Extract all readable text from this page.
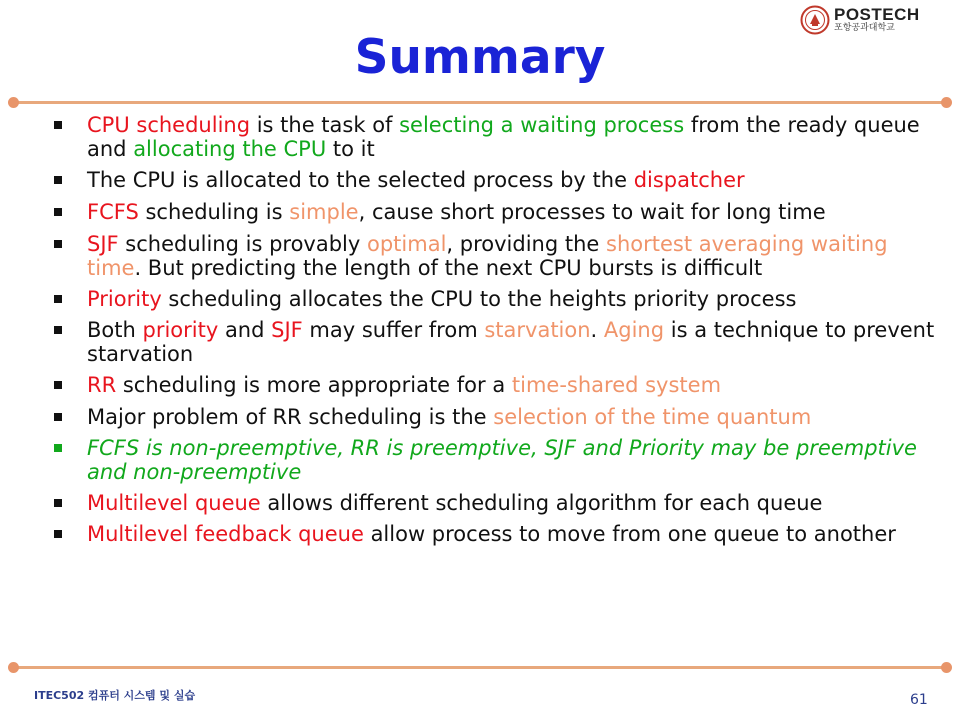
POSTECH
포항공과대학교
Summary
CPU scheduling is the task of selecting a waiting process from the ready queue and allocating the CPU to it
The CPU is allocated to the selected process by the dispatcher
FCFS scheduling is simple, cause short processes to wait for long time
SJF scheduling is provably optimal, providing the shortest averaging waiting time. But predicting the length of the next CPU bursts is difficult
Priority scheduling allocates the CPU to the heights priority process
Both priority and SJF may suffer from starvation. Aging is a technique to prevent starvation
RR scheduling is more appropriate for a time-shared system
Major problem of RR scheduling is the selection of the time quantum
FCFS is non-preemptive, RR is preemptive, SJF and Priority may be preemptive and non-preemptive
Multilevel queue allows different scheduling algorithm for each queue
Multilevel feedback queue allow process to move from one queue to another
ITEC502 컴퓨터 시스템 및 실습	61
